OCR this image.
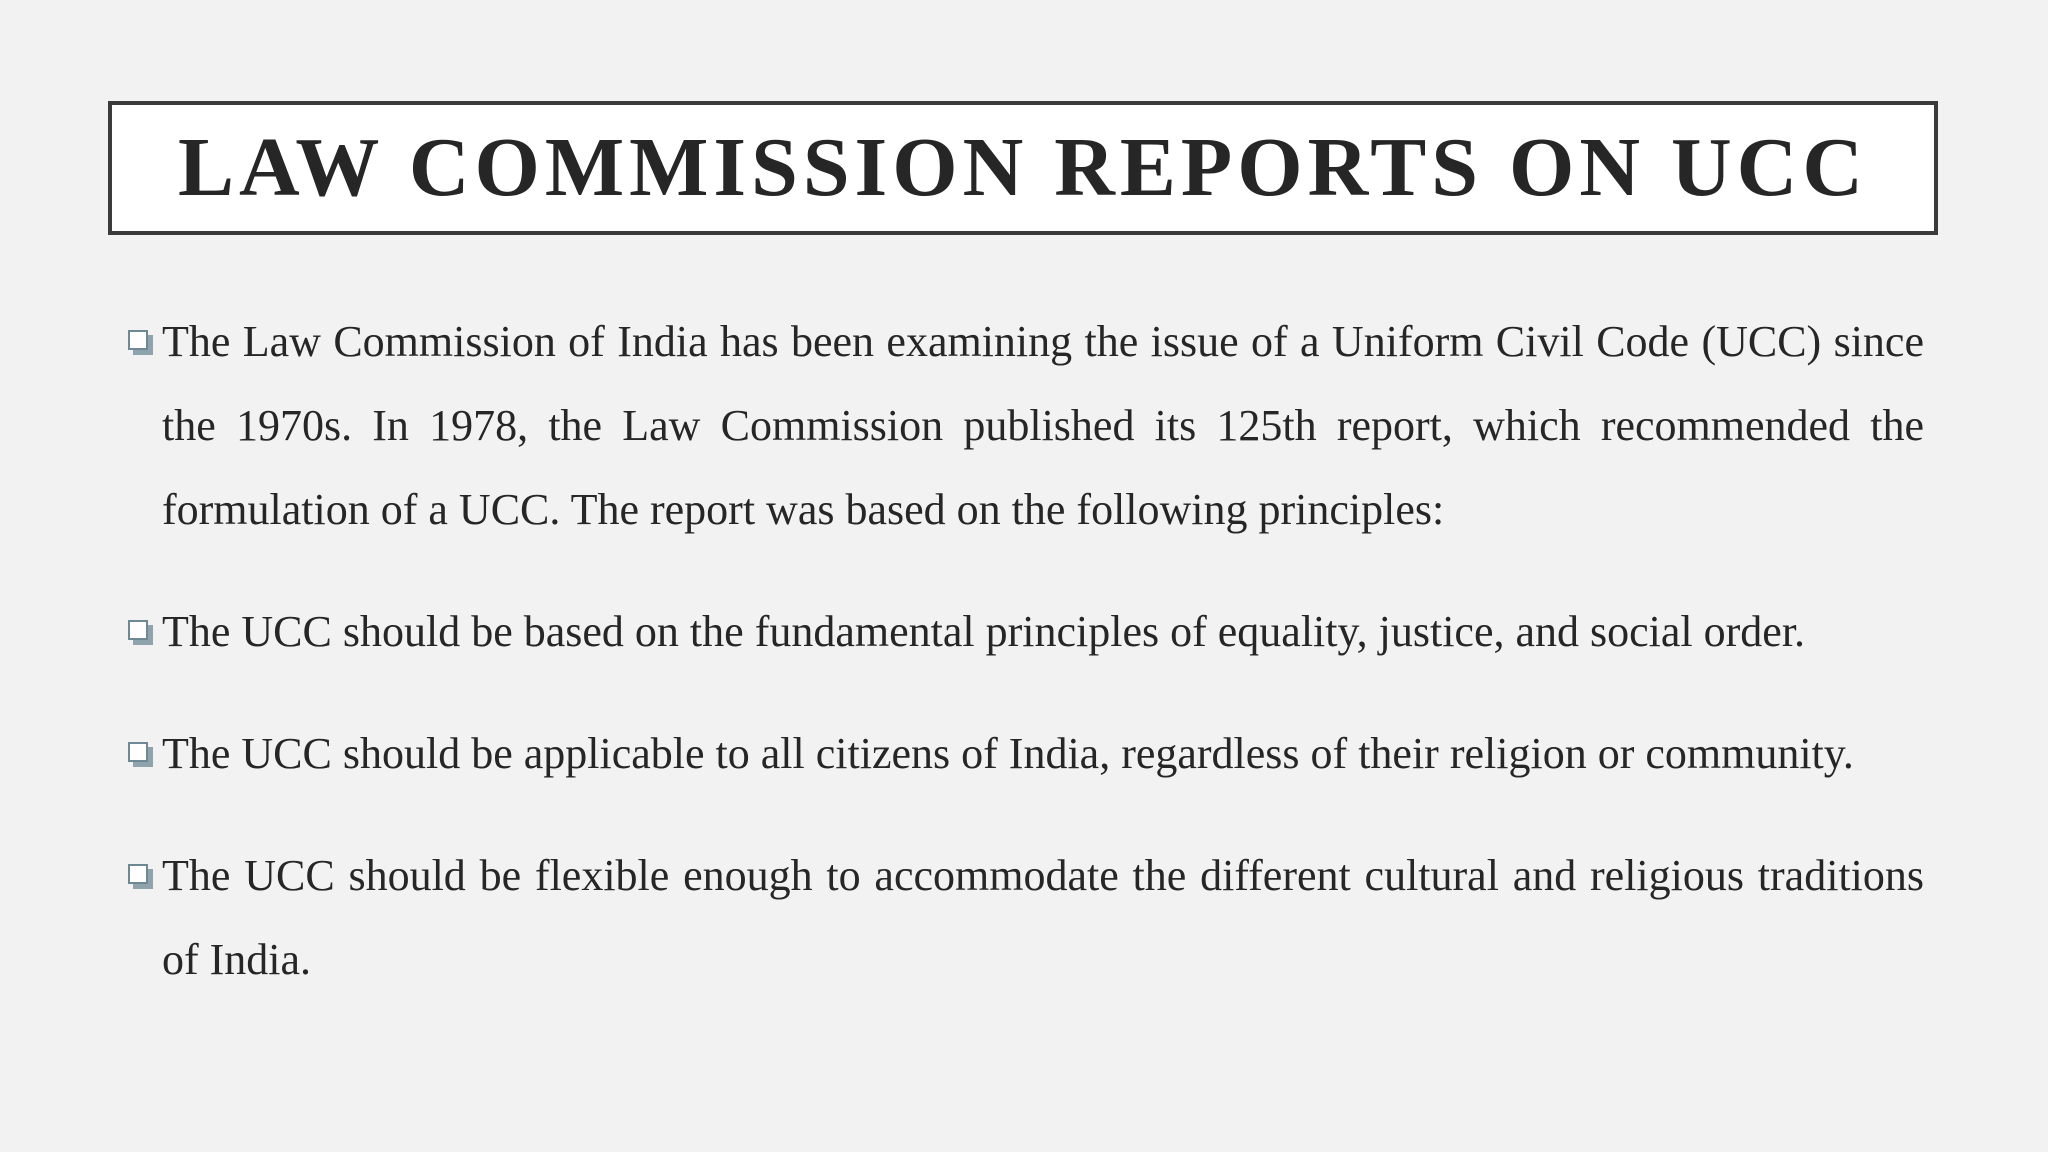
LAW COMMISSION REPORTS ON UCC
The Law Commission of India has been examining the issue of a Uniform Civil Code (UCC) since the 1970s. In 1978, the Law Commission published its 125th report, which recommended the formulation of a UCC. The report was based on the following principles:
The UCC should be based on the fundamental principles of equality, justice, and social order.
The UCC should be applicable to all citizens of India, regardless of their religion or community.
The UCC should be flexible enough to accommodate the different cultural and religious traditions of India.
